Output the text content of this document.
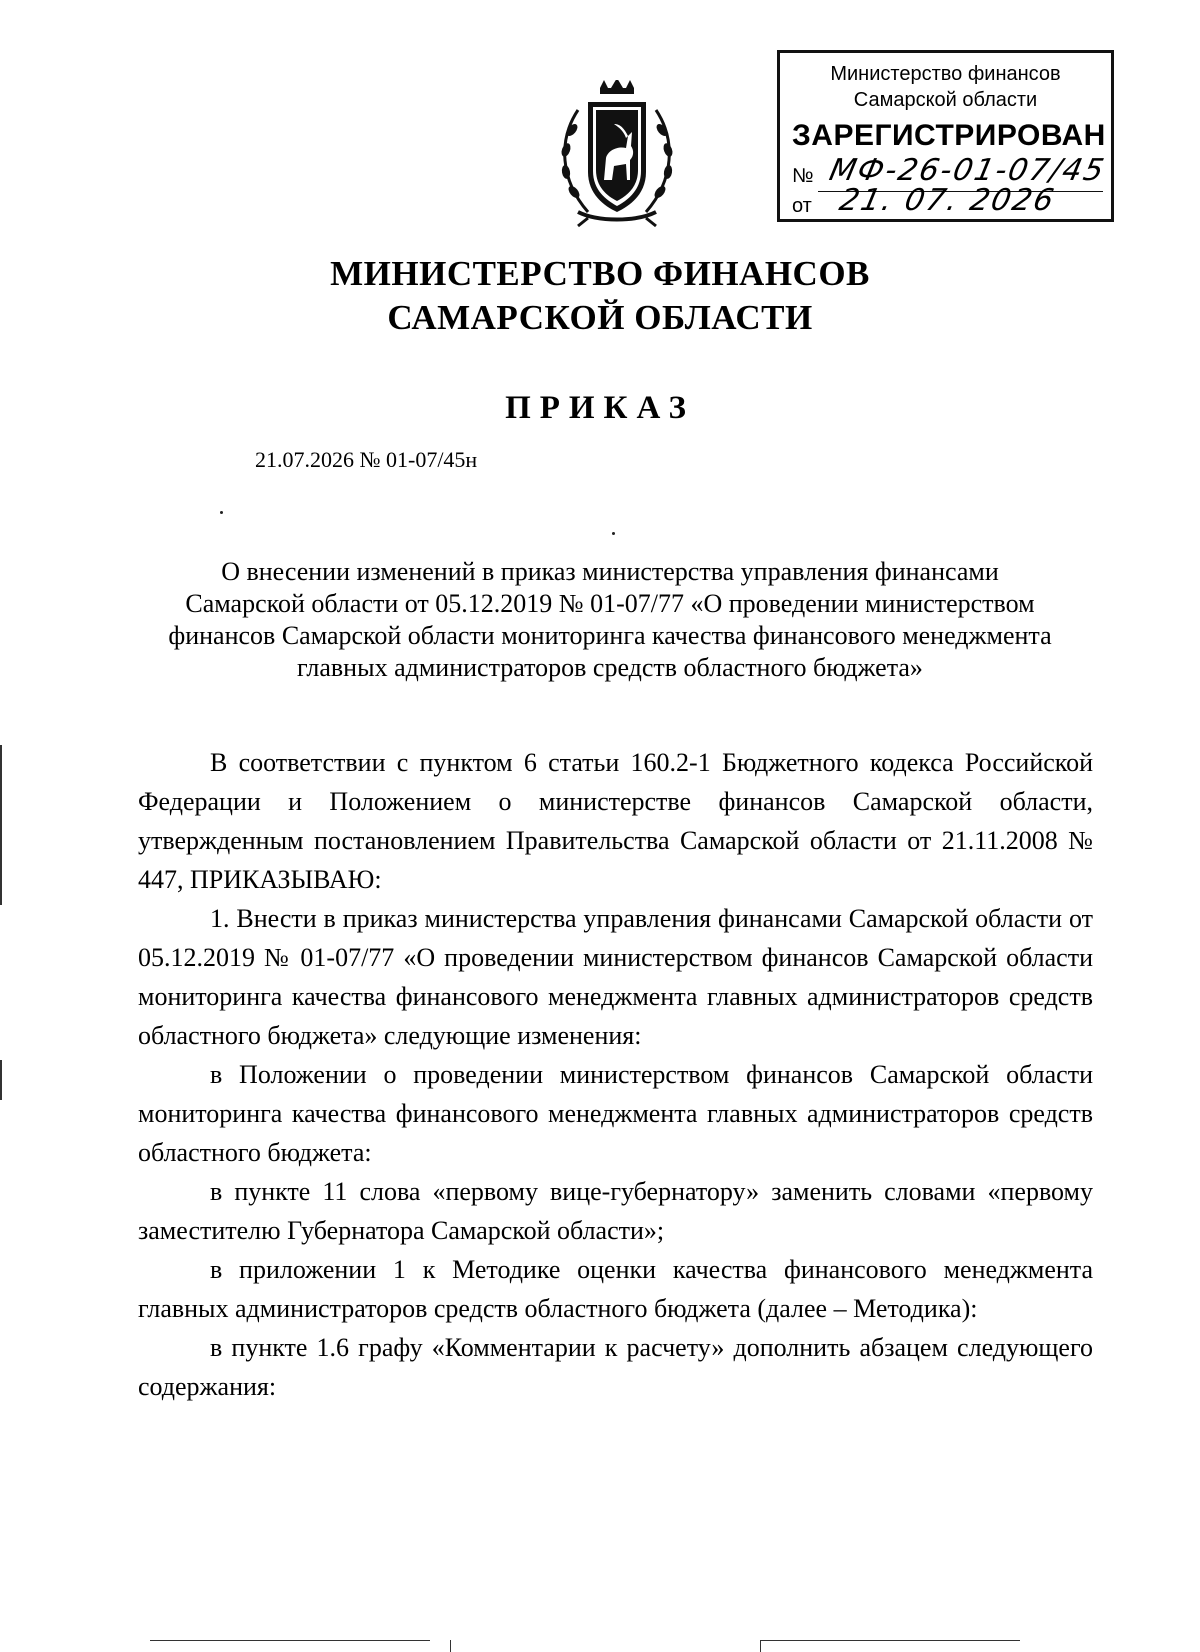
Министерство финансов
Самарской области
ЗАРЕГИСТРИРОВАН
№ МФ-26-01-07/45
от 21. 07. 2026
МИНИСТЕРСТВО ФИНАНСОВ
САМАРСКОЙ ОБЛАСТИ
ПРИКАЗ
21.07.2026 № 01-07/45н
О внесении изменений в приказ министерства управления финансами
Самарской области от 05.12.2019 № 01-07/77 «О проведении министерством
финансов Самарской области мониторинга качества финансового менеджмента
главных администраторов средств областного бюджета»

В соответствии с пунктом 6 статьи 160.2-1 Бюджетного кодекса Российской Федерации и Положением о министерстве финансов Самарской области, утвержденным постановлением Правительства Самарской области от 21.11.2008 № 447, ПРИКАЗЫВАЮ:

1. Внести в приказ министерства управления финансами Самарской области от 05.12.2019 № 01-07/77 «О проведении министерством финансов Самарской области мониторинга качества финансового менеджмента главных администраторов средств областного бюджета» следующие изменения:

в Положении о проведении министерством финансов Самарской области мониторинга качества финансового менеджмента главных администраторов средств областного бюджета:

в пункте 11 слова «первому вице-губернатору» заменить словами «первому заместителю Губернатора Самарской области»;

в приложении 1 к Методике оценки качества финансового менеджмента главных администраторов средств областного бюджета (далее – Методика):

в пункте 1.6 графу «Комментарии к расчету» дополнить абзацем следующего содержания:
